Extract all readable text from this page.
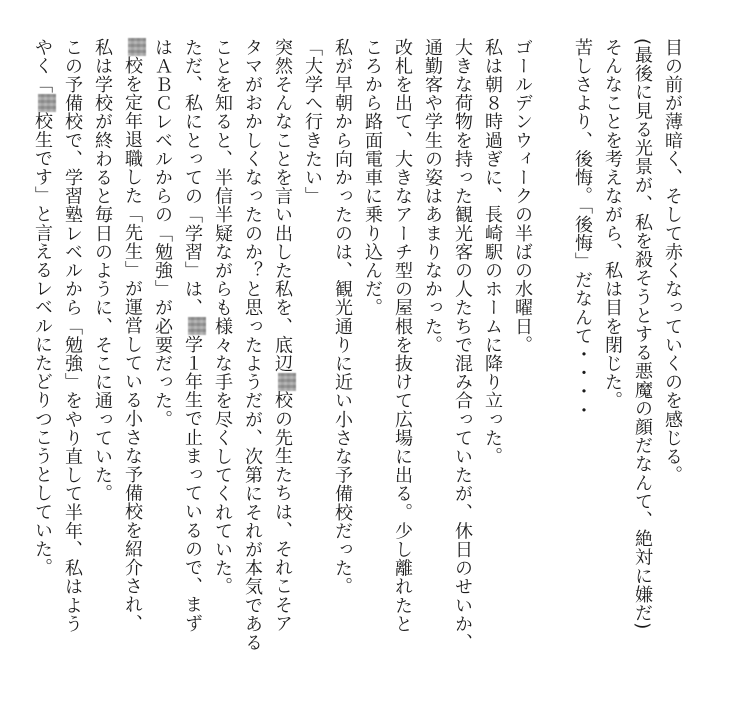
目の前が薄暗く、そして赤くなっていくのを感じる。
(最後に見る光景が、私を殺そうとする悪魔の顔だなんて、絶対に嫌だ)
そんなことを考えながら、私は目を閉じた。
苦しさより、後悔。「後悔」だなんて・・・・
ゴールデンウィークの半ばの水曜日。
私は朝８時過ぎに、長崎駅のホームに降り立った。
大きな荷物を持った観光客の人たちで混み合っていたが、休日のせいか、
通勤客や学生の姿はあまりなかった。
改札を出て、大きなアーチ型の屋根を抜けて広場に出る。少し離れたと
ころから路面電車に乗り込んだ。
私が早朝から向かったのは、観光通りに近い小さな予備校だった。
「大学へ行きたい」
突然そんなことを言い出した私を、底辺校の先生たちは、それこそア
タマがおかしくなったのか？と思ったようだが、次第にそれが本気である
ことを知ると、半信半疑ながらも様々な手を尽くしてくれていた。
ただ、私にとっての「学習」は、学１年生で止まっているので、まず
はＡＢＣレベルからの「勉強」が必要だった。
校を定年退職した「先生」が運営している小さな予備校を紹介され、
私は学校が終わると毎日のように、そこに通っていた。
この予備校で、学習塾レベルから「勉強」をやり直して半年、私はよう
やく「校生です」と言えるレベルにたどりつこうとしていた。
